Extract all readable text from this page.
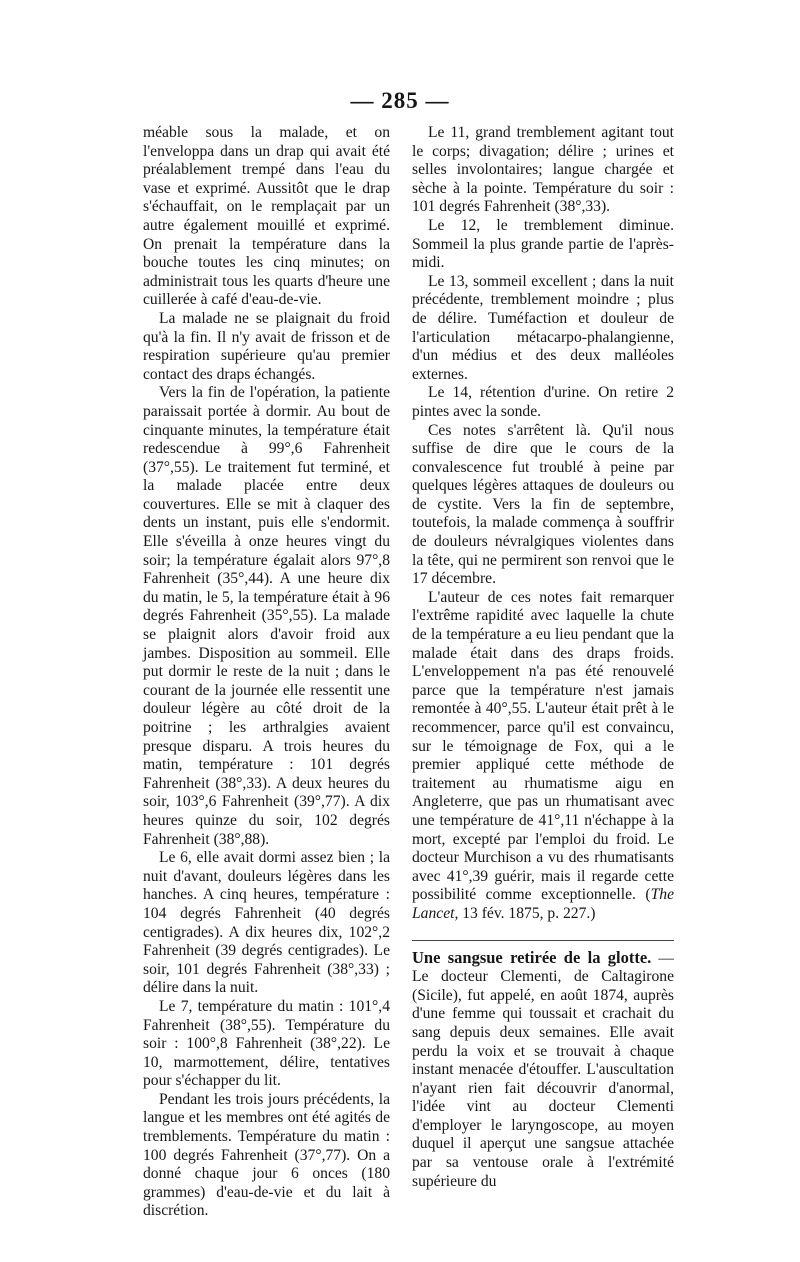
— 285 —

méable sous la malade, et on l'enveloppa dans un drap qui avait été préalablement trempé dans l'eau du vase et exprimé. Aussitôt que le drap s'échauffait, on le remplaçait par un autre également mouillé et exprimé. On prenait la température dans la bouche toutes les cinq minutes; on administrait tous les quarts d'heure une cuillerée à café d'eau-de-vie.

La malade ne se plaignait du froid qu'à la fin. Il n'y avait de frisson et de respiration supérieure qu'au premier contact des draps échangés.

Vers la fin de l'opération, la patiente paraissait portée à dormir. Au bout de cinquante minutes, la température était redescendue à 99°,6 Fahrenheit (37°,55). Le traitement fut terminé, et la malade placée entre deux couvertures. Elle se mit à claquer des dents un instant, puis elle s'endormit. Elle s'éveilla à onze heures vingt du soir; la température égalait alors 97°,8 Fahrenheit (35°,44). A une heure dix du matin, le 5, la température était à 96 degrés Fahrenheit (35°,55). La malade se plaignit alors d'avoir froid aux jambes. Disposition au sommeil. Elle put dormir le reste de la nuit ; dans le courant de la journée elle ressentit une douleur légère au côté droit de la poitrine ; les arthralgies avaient presque disparu. A trois heures du matin, température : 101 degrés Fahrenheit (38°,33). A deux heures du soir, 103°,6 Fahrenheit (39°,77). A dix heures quinze du soir, 102 degrés Fahrenheit (38°,88).

Le 6, elle avait dormi assez bien ; la nuit d'avant, douleurs légères dans les hanches. A cinq heures, température : 104 degrés Fahrenheit (40 degrés centigrades). A dix heures dix, 102°,2 Fahrenheit (39 degrés centigrades). Le soir, 101 degrés Fahrenheit (38°,33) ; délire dans la nuit.

Le 7, température du matin : 101°,4 Fahrenheit (38°,55). Température du soir : 100°,8 Fahrenheit (38°,22). Le 10, marmottement, délire, tentatives pour s'échapper du lit.

Pendant les trois jours précédents, la langue et les membres ont été agités de tremblements. Température du matin : 100 degrés Fahrenheit (37°,77). On a donné chaque jour 6 onces (180 grammes) d'eau-de-vie et du lait à discrétion.

Le 11, grand tremblement agitant tout le corps; divagation; délire ; urines et selles involontaires; langue chargée et sèche à la pointe. Température du soir : 101 degrés Fahrenheit (38°,33).

Le 12, le tremblement diminue. Sommeil la plus grande partie de l'après-midi.

Le 13, sommeil excellent ; dans la nuit précédente, tremblement moindre ; plus de délire. Tuméfaction et douleur de l'articulation métacarpo-phalangienne, d'un médius et des deux malléoles externes.

Le 14, rétention d'urine. On retire 2 pintes avec la sonde.

Ces notes s'arrêtent là. Qu'il nous suffise de dire que le cours de la convalescence fut troublé à peine par quelques légères attaques de douleurs ou de cystite. Vers la fin de septembre, toutefois, la malade commença à souffrir de douleurs névralgiques violentes dans la tête, qui ne permirent son renvoi que le 17 décembre.

L'auteur de ces notes fait remarquer l'extrême rapidité avec laquelle la chute de la température a eu lieu pendant que la malade était dans des draps froids. L'enveloppement n'a pas été renouvelé parce que la température n'est jamais remontée à 40°,55. L'auteur était prêt à le recommencer, parce qu'il est convaincu, sur le témoignage de Fox, qui a le premier appliqué cette méthode de traitement au rhumatisme aigu en Angleterre, que pas un rhumatisant avec une température de 41°,11 n'échappe à la mort, excepté par l'emploi du froid. Le docteur Murchison a vu des rhumatisants avec 41°,39 guérir, mais il regarde cette possibilité comme exceptionnelle. (The Lancet, 13 fév. 1875, p. 227.)

Une sangsue retirée de la glotte. — Le docteur Clementi, de Caltagirone (Sicile), fut appelé, en août 1874, auprès d'une femme qui toussait et crachait du sang depuis deux semaines. Elle avait perdu la voix et se trouvait à chaque instant menacée d'étouffer. L'auscultation n'ayant rien fait découvrir d'anormal, l'idée vint au docteur Clementi d'employer le laryngoscope, au moyen duquel il aperçut une sangsue attachée par sa ventouse orale à l'extrémité supérieure du
